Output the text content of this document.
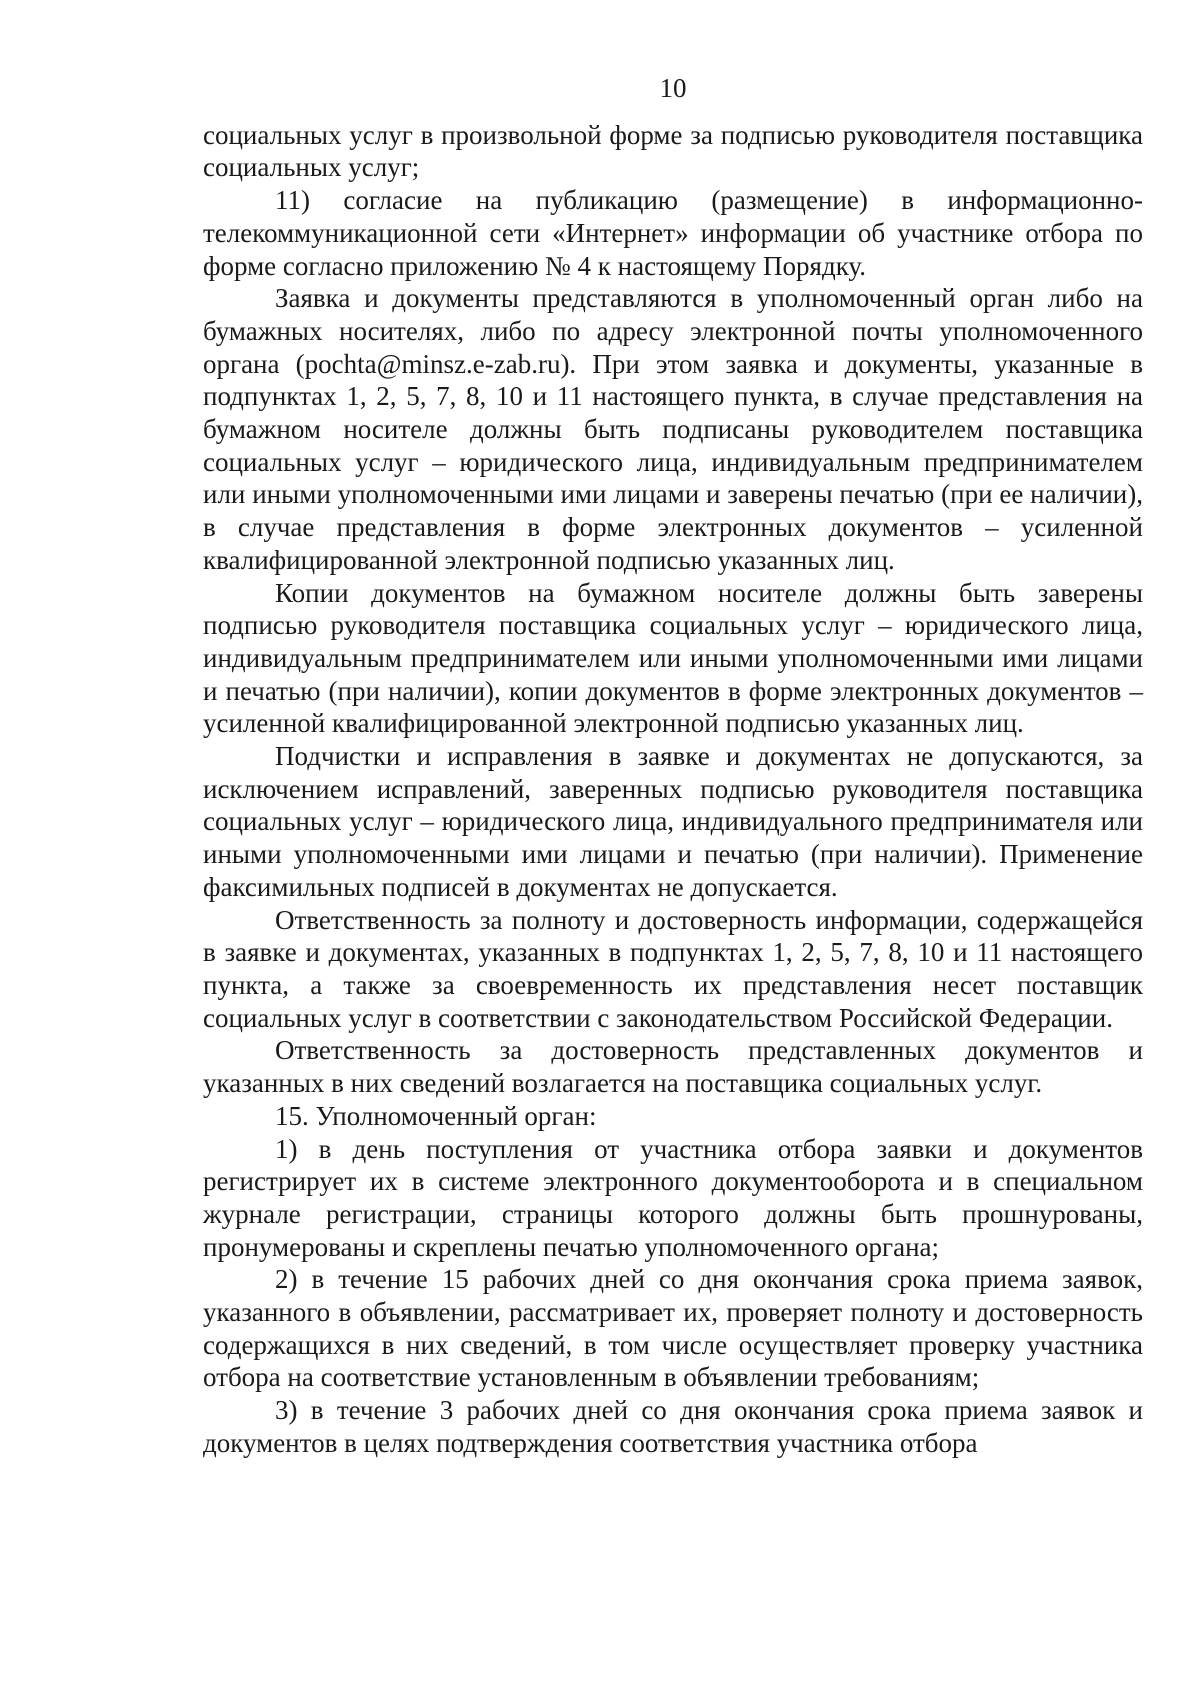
10

социальных услуг в произвольной форме за подписью руководителя поставщика социальных услуг;

11) согласие на публикацию (размещение) в информационно-телекоммуникационной сети «Интернет» информации об участнике отбора по форме согласно приложению № 4 к настоящему Порядку.

Заявка и документы представляются в уполномоченный орган либо на бумажных носителях, либо по адресу электронной почты уполномоченного органа (pochta@minsz.e-zab.ru). При этом заявка и документы, указанные в подпунктах 1, 2, 5, 7, 8, 10 и 11 настоящего пункта, в случае представления на бумажном носителе должны быть подписаны руководителем поставщика социальных услуг – юридического лица, индивидуальным предпринимателем или иными уполномоченными ими лицами и заверены печатью (при ее наличии), в случае представления в форме электронных документов – усиленной квалифицированной электронной подписью указанных лиц.

Копии документов на бумажном носителе должны быть заверены подписью руководителя поставщика социальных услуг – юридического лица, индивидуальным предпринимателем или иными уполномоченными ими лицами и печатью (при наличии), копии документов в форме электронных документов – усиленной квалифицированной электронной подписью указанных лиц.

Подчистки и исправления в заявке и документах не допускаются, за исключением исправлений, заверенных подписью руководителя поставщика социальных услуг – юридического лица, индивидуального предпринимателя или иными уполномоченными ими лицами и печатью (при наличии). Применение факсимильных подписей в документах не допускается.

Ответственность за полноту и достоверность информации, содержащейся в заявке и документах, указанных в подпунктах 1, 2, 5, 7, 8, 10 и 11 настоящего пункта, а также за своевременность их представления несет поставщик социальных услуг в соответствии с законодательством Российской Федерации.

Ответственность за достоверность представленных документов и указанных в них сведений возлагается на поставщика социальных услуг.

15. Уполномоченный орган:

1) в день поступления от участника отбора заявки и документов регистрирует их в системе электронного документооборота и в специальном журнале регистрации, страницы которого должны быть прошнурованы, пронумерованы и скреплены печатью уполномоченного органа;

2) в течение 15 рабочих дней со дня окончания срока приема заявок, указанного в объявлении, рассматривает их, проверяет полноту и достоверность содержащихся в них сведений, в том числе осуществляет проверку участника отбора на соответствие установленным в объявлении требованиям;

3) в течение 3 рабочих дней со дня окончания срока приема заявок и документов в целях подтверждения соответствия участника отбора
